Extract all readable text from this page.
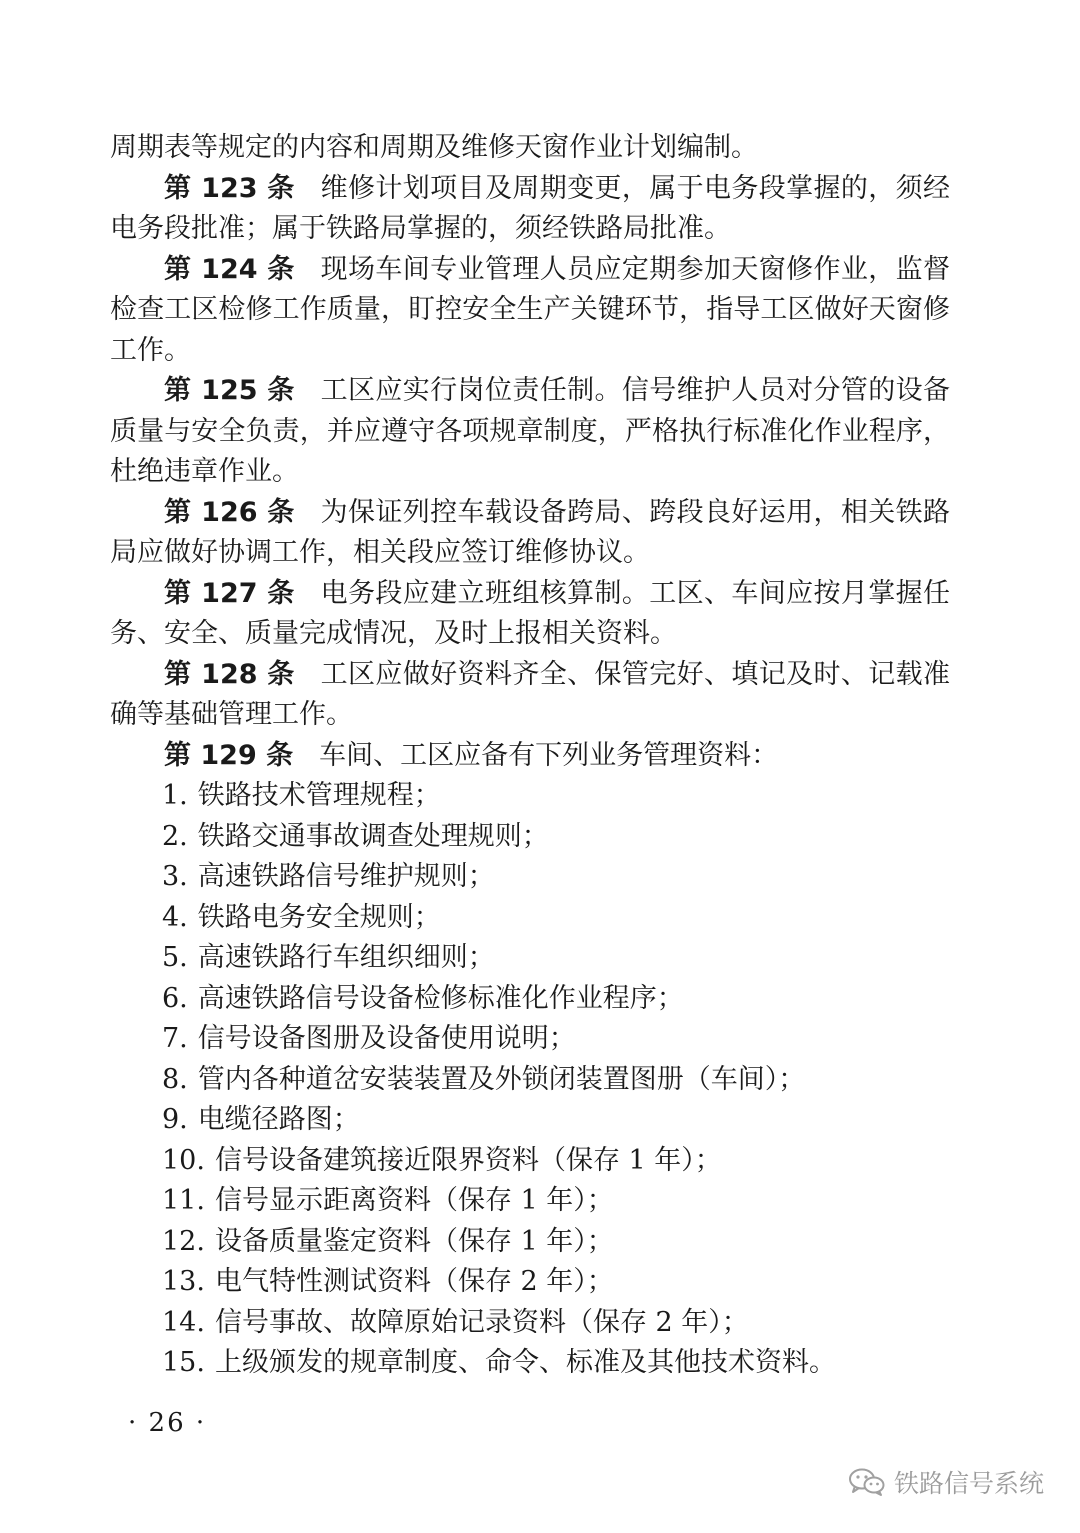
周期表等规定的内容和周期及维修天窗作业计划编制。

第 123 条 维修计划项目及周期变更，属于电务段掌握的，须经电务段批准；属于铁路局掌握的，须经铁路局批准。

第 124 条 现场车间专业管理人员应定期参加天窗修作业，监督检查工区检修工作质量，盯控安全生产关键环节，指导工区做好天窗修工作。

第 125 条 工区应实行岗位责任制。信号维护人员对分管的设备质量与安全负责，并应遵守各项规章制度，严格执行标准化作业程序，杜绝违章作业。

第 126 条 为保证列控车载设备跨局、跨段良好运用，相关铁路局应做好协调工作，相关段应签订维修协议。

第 127 条 电务段应建立班组核算制。工区、车间应按月掌握任务、安全、质量完成情况，及时上报相关资料。

第 128 条 工区应做好资料齐全、保管完好、填记及时、记载准确等基础管理工作。

第 129 条 车间、工区应备有下列业务管理资料：

1. 铁路技术管理规程；
2. 铁路交通事故调查处理规则；
3. 高速铁路信号维护规则；
4. 铁路电务安全规则；
5. 高速铁路行车组织细则；
6. 高速铁路信号设备检修标准化作业程序；
7. 信号设备图册及设备使用说明；
8. 管内各种道岔安装装置及外锁闭装置图册（车间）；
9. 电缆径路图；
10. 信号设备建筑接近限界资料（保存 1 年）；
11. 信号显示距离资料（保存 1 年）；
12. 设备质量鉴定资料（保存 1 年）；
13. 电气特性测试资料（保存 2 年）；
14. 信号事故、故障原始记录资料（保存 2 年）；
15. 上级颁发的规章制度、命令、标准及其他技术资料。
· 26 ·
铁路信号系统
